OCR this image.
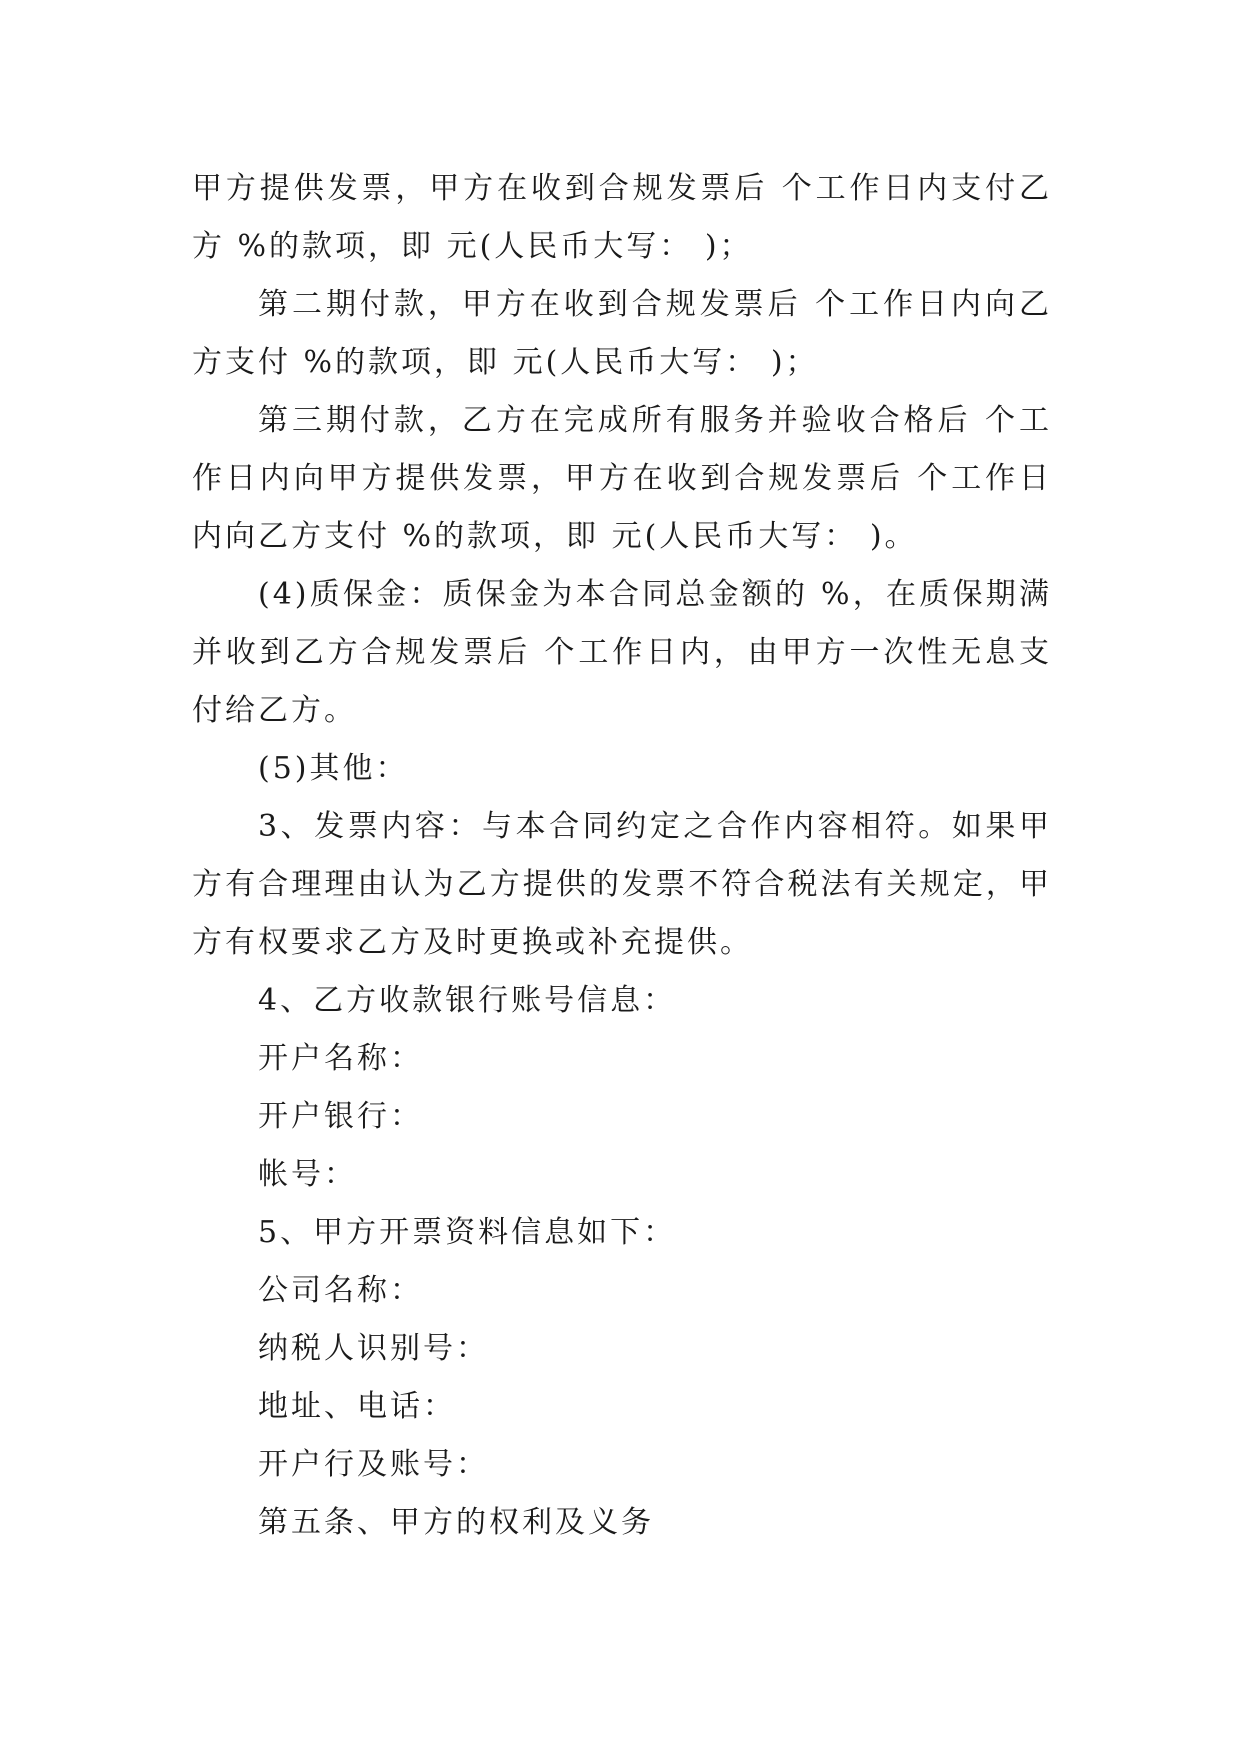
甲方提供发票，甲方在收到合规发票后 个工作日内支付乙方 %的款项，即 元(人民币大写： )；

第二期付款，甲方在收到合规发票后 个工作日内向乙方支付 %的款项，即 元(人民币大写： )；

第三期付款，乙方在完成所有服务并验收合格后 个工作日内向甲方提供发票，甲方在收到合规发票后 个工作日内向乙方支付 %的款项，即 元(人民币大写： )。

(4)质保金：质保金为本合同总金额的 %，在质保期满并收到乙方合规发票后 个工作日内，由甲方一次性无息支付给乙方。

(5)其他：

3、发票内容：与本合同约定之合作内容相符。如果甲方有合理理由认为乙方提供的发票不符合税法有关规定，甲方有权要求乙方及时更换或补充提供。

4、乙方收款银行账号信息：

开户名称：

开户银行：

帐号：

5、甲方开票资料信息如下：

公司名称：

纳税人识别号：

地址、电话：

开户行及账号：

第五条、甲方的权利及义务
